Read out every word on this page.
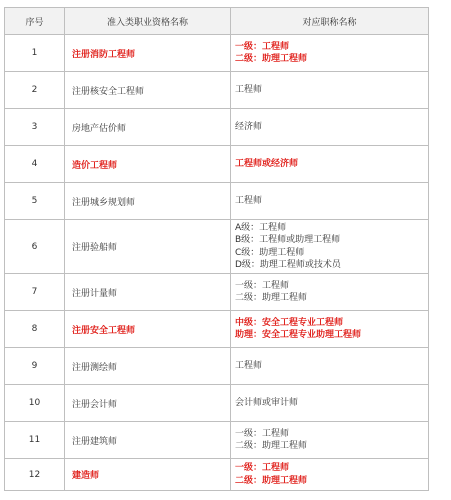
序号	准入类职业资格名称	对应职称名称
1	注册消防工程师	一级：工程师
二级：助理工程师

2	注册核安全工程师	工程师

3	房地产估价师	经济师

4	造价工程师	工程师或经济师

5	注册城乡规划师	工程师

6	注册验船师	A级：工程师
B级：工程师或助理工程师
C级：助理工程师
D级：助理工程师或技术员

7	注册计量师	一级：工程师
二级：助理工程师

8	注册安全工程师	中级：安全工程专业工程师
助理：安全工程专业助理工程师

9	注册测绘师	工程师

10	注册会计师	会计师或审计师

11	注册建筑师	一级：工程师
二级：助理工程师

12	建造师	一级：工程师
二级：助理工程师
